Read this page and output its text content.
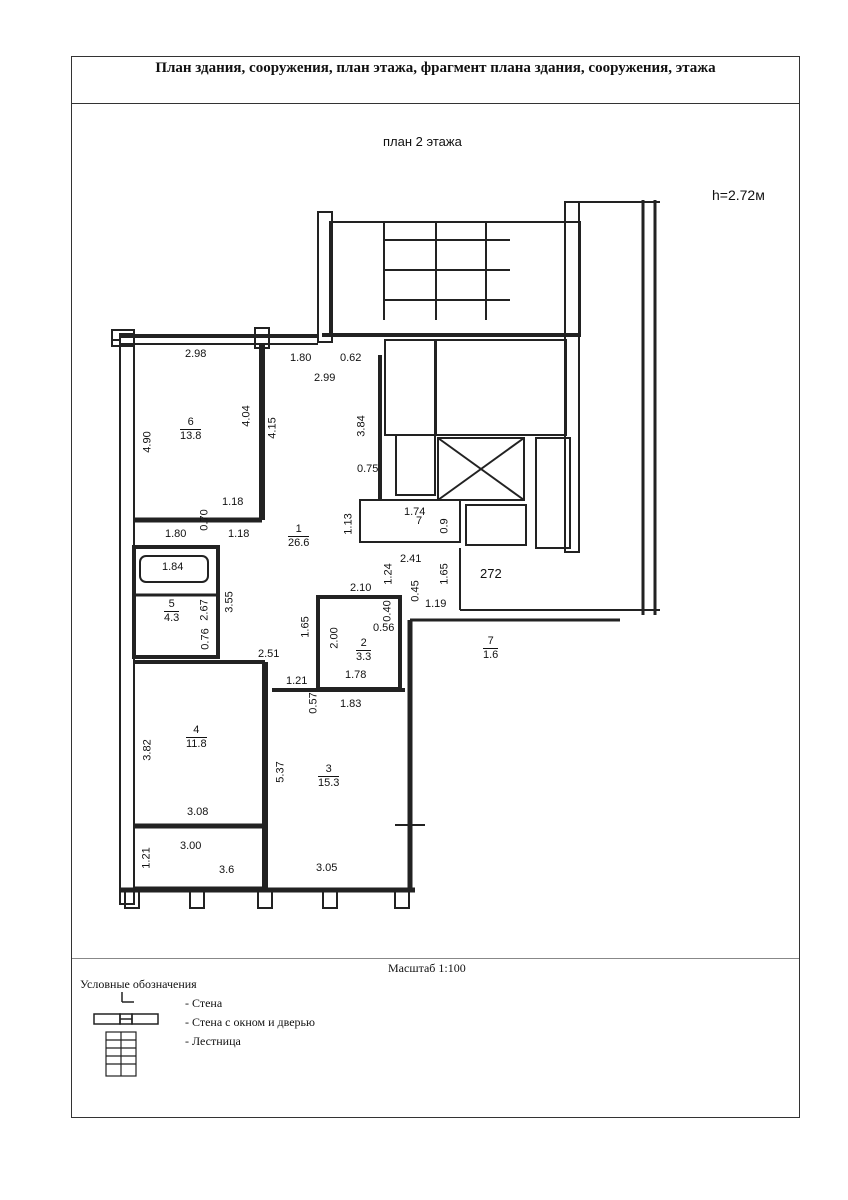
План здания, сооружения, план этажа, фрагмент плана здания, сооружения, этажа
план 2 этажа
h=2.72м
6
13.8
1
26.6
5
4.3
2
3.3
4
11.8
3
15.3
7
1.6
7
2.98	1.80	0.62
2.99
4.90
4.04
4.15	3.84
0.75
1.18
0.70
1.18
1.80	1.13
1.74
0.9
1.84
2.41
3.55
2.67
0.76
2.10
1.24
0.45
1.65 272
1.19
0.40
0.56
1.65
2.00
2.51
1.78
1.21
0.57 1.83
3.82
5.37
3.08
3.00
1.21
3.6	3.05
Масштаб 1:100
Условные обозначения
- Стена
- Стена с окном и дверью
- Лестница
